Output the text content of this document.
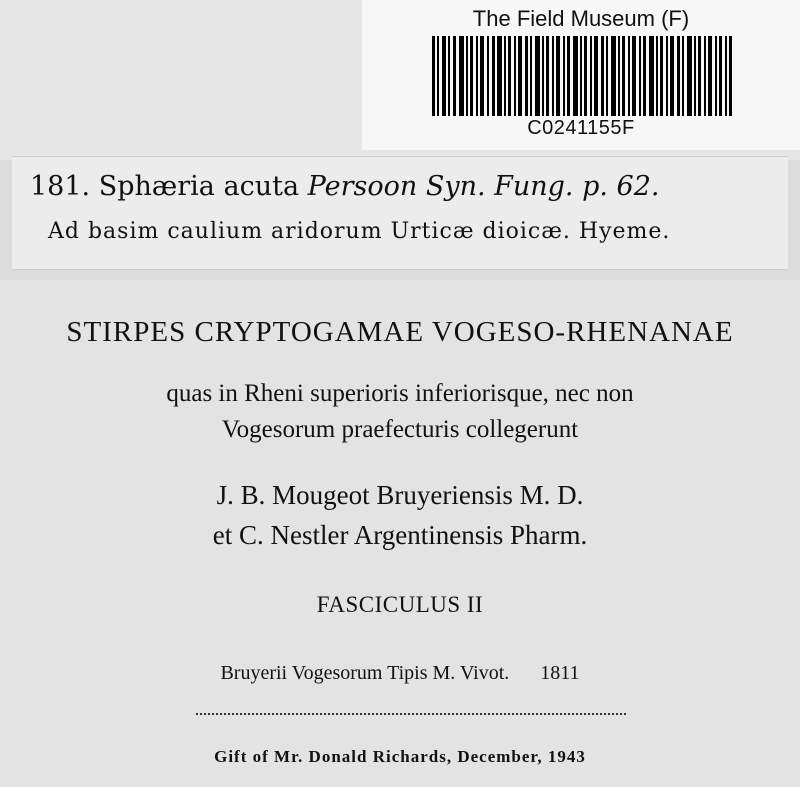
The Field Museum (F)
C0241155F
181. Sphæria acuta Persoon Syn. Fung. p. 62.
Ad basim caulium aridorum Urticæ dioicæ. Hyeme.
STIRPES CRYPTOGAMAE VOGESO-RHENANAE
quas in Rheni superioris inferiorisque, nec non
Vogesorum praefecturis collegerunt
J. B. Mougeot Bruyeriensis M. D.
et C. Nestler Argentinensis Pharm.
FASCICULUS II
Bruyerii Vogesorum Tipis M. Vivot. 1811
Gift of Mr. Donald Richards, December, 1943
